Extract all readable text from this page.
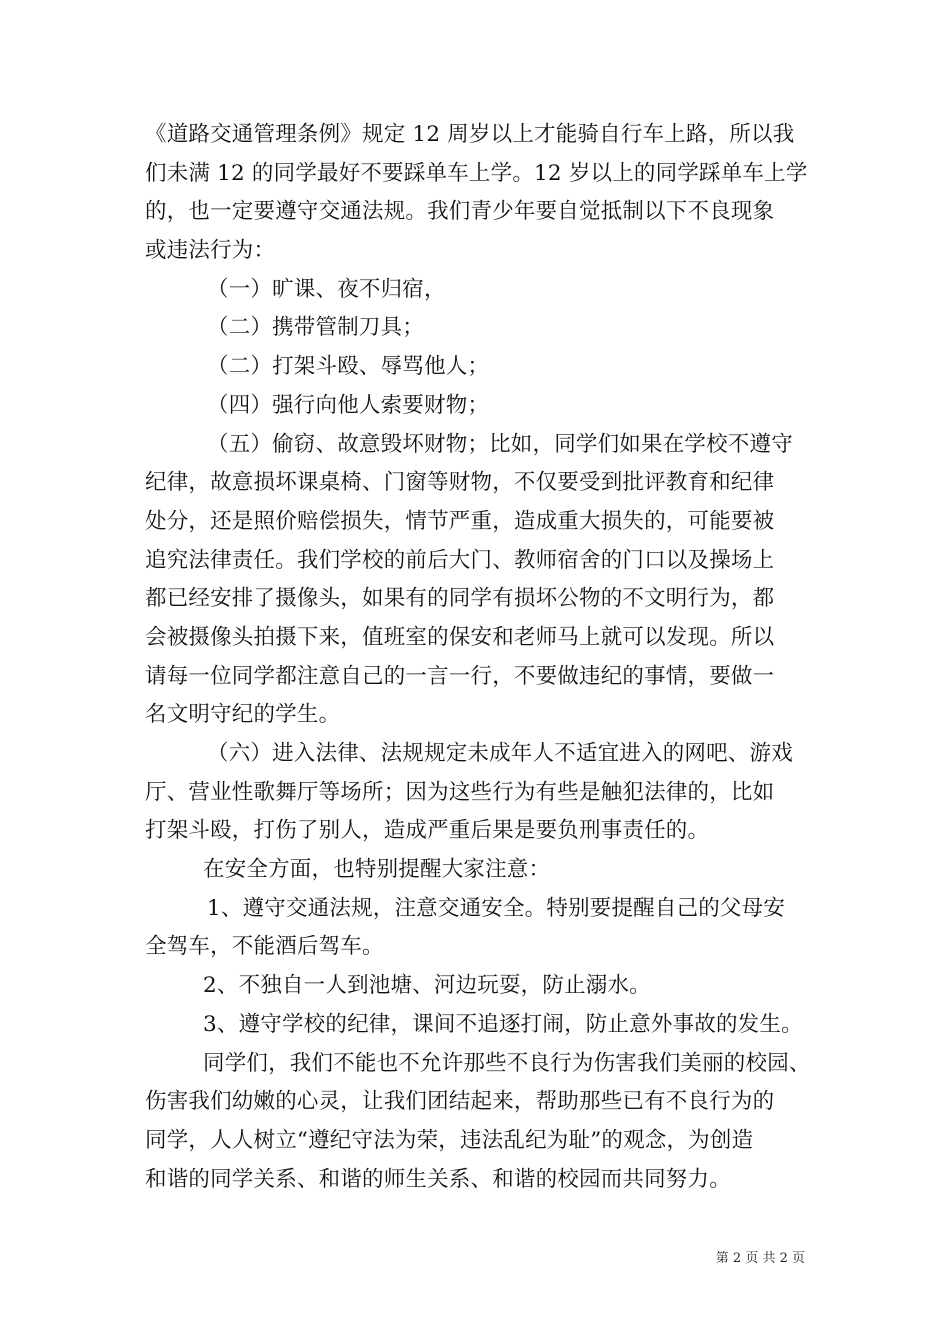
《道路交通管理条例》规定 12 周岁以上才能骑自行车上路，所以我
们未满 12 的同学最好不要踩单车上学。12 岁以上的同学踩单车上学
的，也一定要遵守交通法规。我们青少年要自觉抵制以下不良现象
或违法行为：
（一）旷课、夜不归宿，
（二）携带管制刀具；
（二）打架斗殴、辱骂他人；
（四）强行向他人索要财物；
（五）偷窃、故意毁坏财物；比如，同学们如果在学校不遵守
纪律，故意损坏课桌椅、门窗等财物，不仅要受到批评教育和纪律
处分，还是照价赔偿损失，情节严重，造成重大损失的，可能要被
追究法律责任。我们学校的前后大门、教师宿舍的门口以及操场上
都已经安排了摄像头，如果有的同学有损坏公物的不文明行为，都
会被摄像头拍摄下来，值班室的保安和老师马上就可以发现。所以
请每一位同学都注意自己的一言一行，不要做违纪的事情，要做一
名文明守纪的学生。
（六）进入法律、法规规定未成年人不适宜进入的网吧、游戏
厅、营业性歌舞厅等场所；因为这些行为有些是触犯法律的，比如
打架斗殴，打伤了别人，造成严重后果是要负刑事责任的。
在安全方面，也特别提醒大家注意：
1、遵守交通法规，注意交通安全。特别要提醒自己的父母安
全驾车，不能酒后驾车。
2、不独自一人到池塘、河边玩耍，防止溺水。
3、遵守学校的纪律，课间不追逐打闹，防止意外事故的发生。
同学们，我们不能也不允许那些不良行为伤害我们美丽的校园、
伤害我们幼嫩的心灵，让我们团结起来，帮助那些已有不良行为的
同学，人人树立“遵纪守法为荣，违法乱纪为耻”的观念，为创造
和谐的同学关系、和谐的师生关系、和谐的校园而共同努力。
第 2 页 共 2 页
